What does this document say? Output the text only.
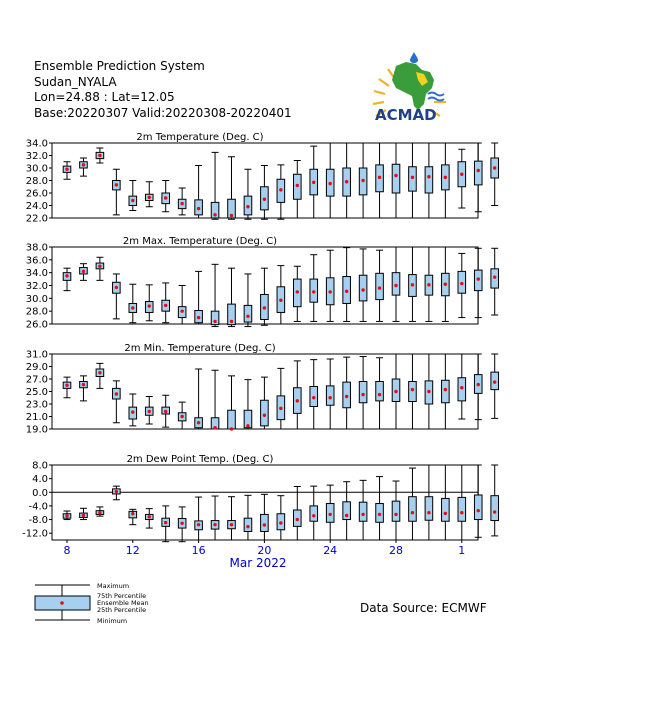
Ensemble Prediction System
Sudan_NYALA
Lon=24.88 : Lat=12.05
Base:20220307 Valid:20220308-20220401	ACMAD
2m Temperature (Deg. C)
34.0
32.0
30.0
28.0
26.0
24.0
22.0
2m Max. Temperature (Deg. C)
38.0
36.0
34.0
32.0
30.0
28.0
26.0
2m Min. Temperature (Deg. C)
31.0
29.0
27.0
25.0
23.0
21.0
19.0
2m Dew Point Temp. (Deg. C)
8.0
4.0
0.0
-4.0
-8.0
-12.0
8	12	16	20	24	28	1
Mar 2022
Maximum
75th Percentile
Ensemble Mean
25th Percentile
Minimum
Data Source: ECMWF
